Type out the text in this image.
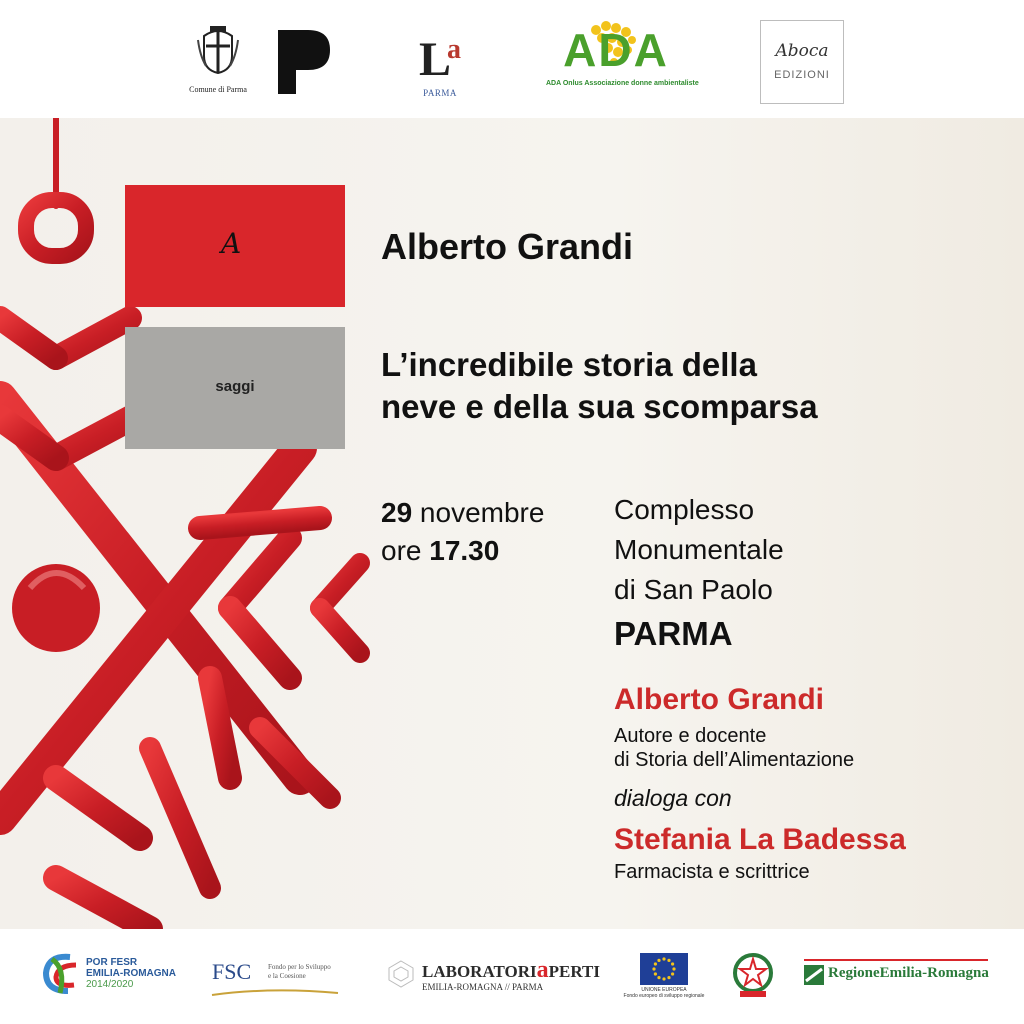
Comune di Parma
$L^a$
PARMA
ADA
ADA Onlus Associazione donne ambientaliste
Aboca
EDIZIONI
A
saggi
Alberto Grandi
L’incredibile storia della
neve e della sua scomparsa
29 novembre
ore 17.30
Complesso
Monumentale
di San Paolo
PARMA
Alberto Grandi
Autore e docente
di Storia dell’Alimentazione
dialoga con
Stefania La Badessa
Farmacista e scrittrice
POR FESR
EMILIA-ROMAGNA
2014/2020
FSC Fondo per lo Sviluppo
e la Coesione	LABORATORIaPERTI
EMILIA-ROMAGNA // PARMA	UNIONE EUROPEA
Fondo europeo di sviluppo regionale
RegioneEmilia-Romagna
